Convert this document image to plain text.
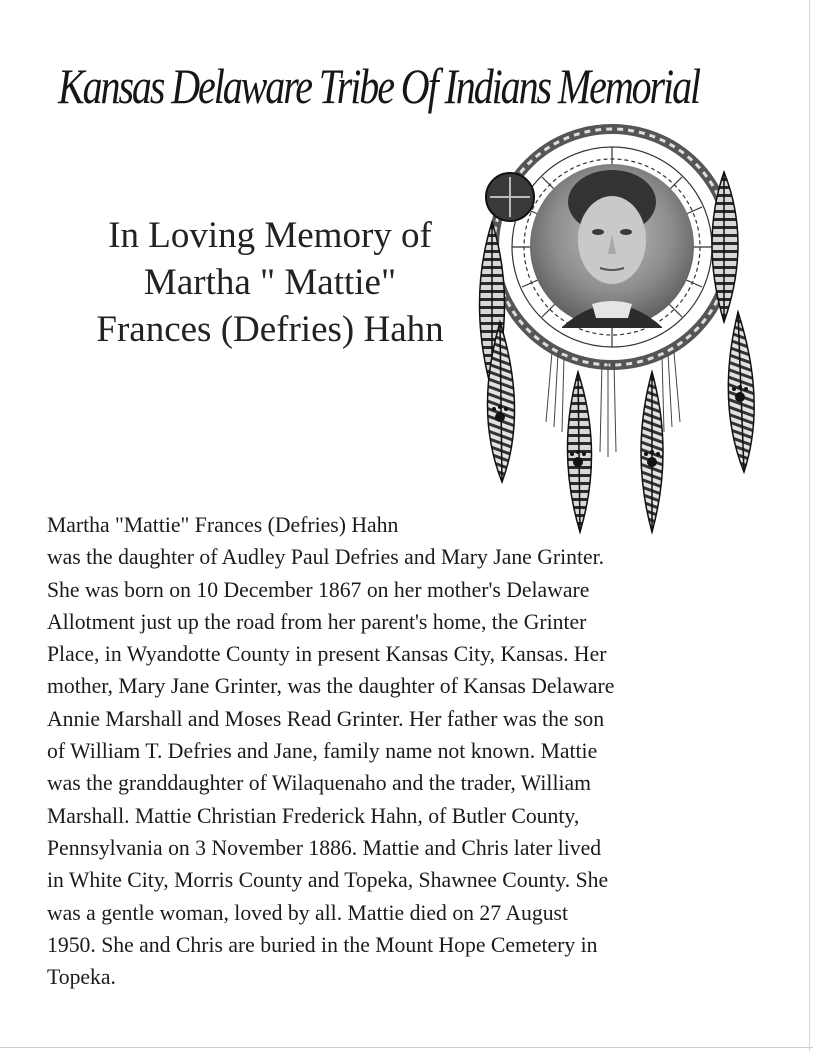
Kansas Delaware Tribe Of Indians Memorial
In Loving Memory of
Martha " Mattie"
Frances (Defries) Hahn
Martha "Mattie" Frances (Defries) Hahn
was the daughter of Audley Paul Defries and Mary Jane Grinter.
She was born on 10 December 1867 on her mother's Delaware
Allotment just up the road from her parent's home, the Grinter
Place, in Wyandotte County in present Kansas City, Kansas. Her
mother, Mary Jane Grinter, was the daughter of Kansas Delaware
Annie Marshall and Moses Read Grinter. Her father was the son
of William T. Defries and Jane, family name not known. Mattie
was the granddaughter of Wilaquenaho and the trader, William
Marshall. Mattie Christian Frederick Hahn, of Butler County,
Pennsylvania on 3 November 1886. Mattie and Chris later lived
in White City, Morris County and Topeka, Shawnee County. She
was a gentle woman, loved by all. Mattie died on 27 August
1950. She and Chris are buried in the Mount Hope Cemetery in
Topeka.
